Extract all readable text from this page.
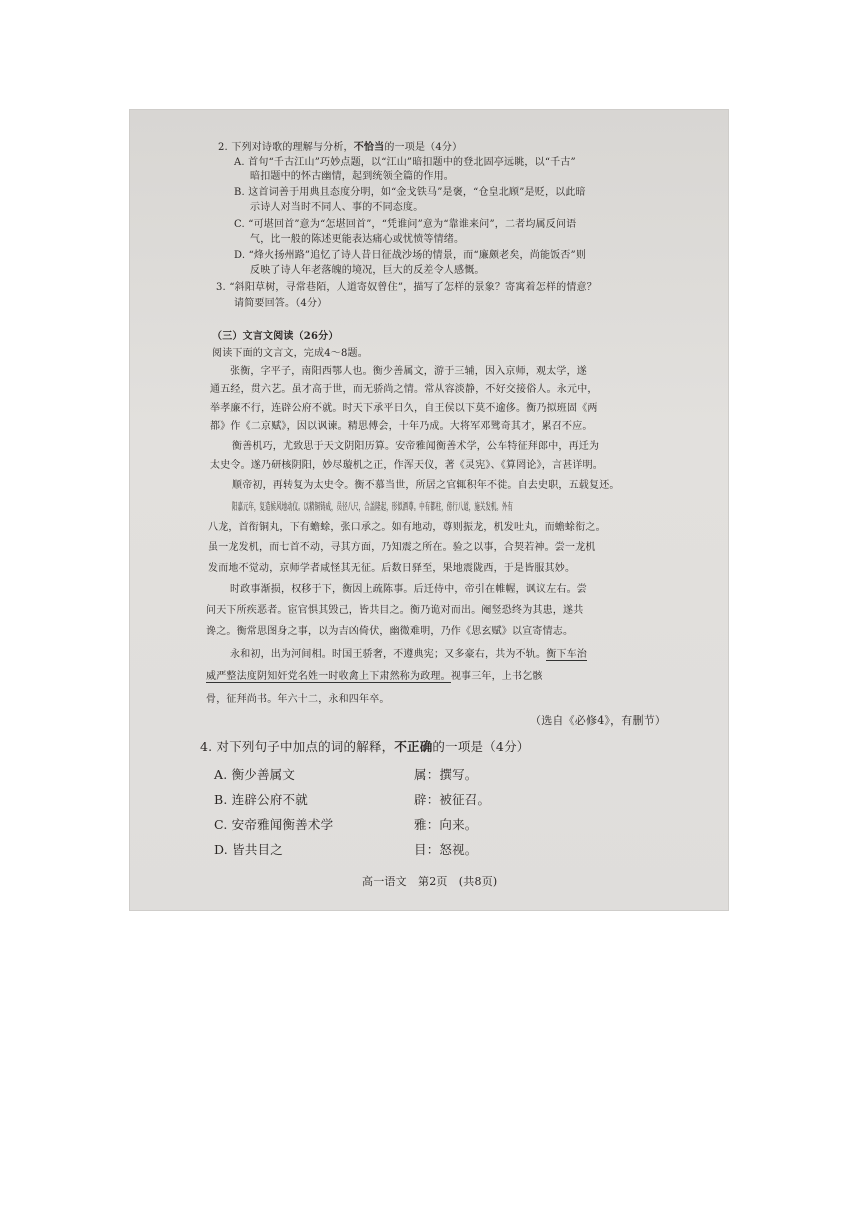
2. 下列对诗歌的理解与分析，不恰当的一项是（4分）
A. 首句“千古江山”巧妙点题，以“江山”暗扣题中的登北固亭远眺，以“千古”
暗扣题中的怀古幽情，起到统领全篇的作用。
B. 这首词善于用典且态度分明，如“金戈铁马”是褒，“仓皇北顾”是贬，以此暗
示诗人对当时不同人、事的不同态度。
C. “可堪回首”意为“怎堪回首”，“凭谁问”意为“靠谁来问”，二者均属反问语
气，比一般的陈述更能表达痛心或忧愤等情绪。
D. “烽火扬州路”追忆了诗人昔日征战沙场的情景，而“廉颇老矣，尚能饭否”则
反映了诗人年老落魄的境况，巨大的反差令人感慨。
3. “斜阳草树，寻常巷陌，人道寄奴曾住”，描写了怎样的景象？寄寓着怎样的情意？
请简要回答。（4分）
（三）文言文阅读（26分）
阅读下面的文言文，完成4～8题。
张衡，字平子，南阳西鄂人也。衡少善属文，游于三辅，因入京师，观太学，遂
通五经，贯六艺。虽才高于世，而无骄尚之情。常从容淡静，不好交接俗人。永元中，
举孝廉不行，连辟公府不就。时天下承平日久，自王侯以下莫不逾侈。衡乃拟班固《两
都》作《二京赋》，因以讽谏。精思傅会，十年乃成。大将军邓骘奇其才，累召不应。
衡善机巧，尤致思于天文阴阳历算。安帝雅闻衡善术学，公车特征拜郎中，再迁为
太史令。遂乃研核阴阳，妙尽璇机之正，作浑天仪，著《灵宪》、《算罔论》，言甚详明。
顺帝初，再转复为太史令。衡不慕当世，所居之官辄积年不徙。自去史职，五载复还。
阳嘉元年，复造候风地动仪。以精铜铸成，员径八尺，合盖隆起，形似酒尊。中有都柱，傍行八道，施关发机。外有
八龙，首衔铜丸，下有蟾蜍，张口承之。如有地动，尊则振龙，机发吐丸，而蟾蜍衔之。
虽一龙发机，而七首不动，寻其方面，乃知震之所在。验之以事，合契若神。尝一龙机
发而地不觉动，京师学者咸怪其无征。后数日驿至，果地震陇西，于是皆服其妙。
时政事渐损，权移于下，衡因上疏陈事。后迁侍中，帝引在帷幄，讽议左右。尝
问天下所疾恶者。宦官惧其毁己，皆共目之。衡乃诡对而出。阉竖恐终为其患，遂共
谗之。衡常思图身之事，以为吉凶倚伏，幽微难明，乃作《思玄赋》以宣寄情志。
永和初，出为河间相。时国王骄奢，不遵典宪；又多豪右，共为不轨。衡下车治
威严整法度阴知奸党名姓一时收禽上下肃然称为政理。视事三年，上书乞骸
骨，征拜尚书。年六十二，永和四年卒。
（选自《必修4》，有删节）
4. 对下列句子中加点的词的解释，不正确的一项是（4分）
A. 衡少善属文	属：撰写。
B. 连辟公府不就	辟：被征召。
C. 安帝雅闻衡善术学	雅：向来。
D. 皆共目之	目：怒视。
高一语文　第2页　(共8页)
